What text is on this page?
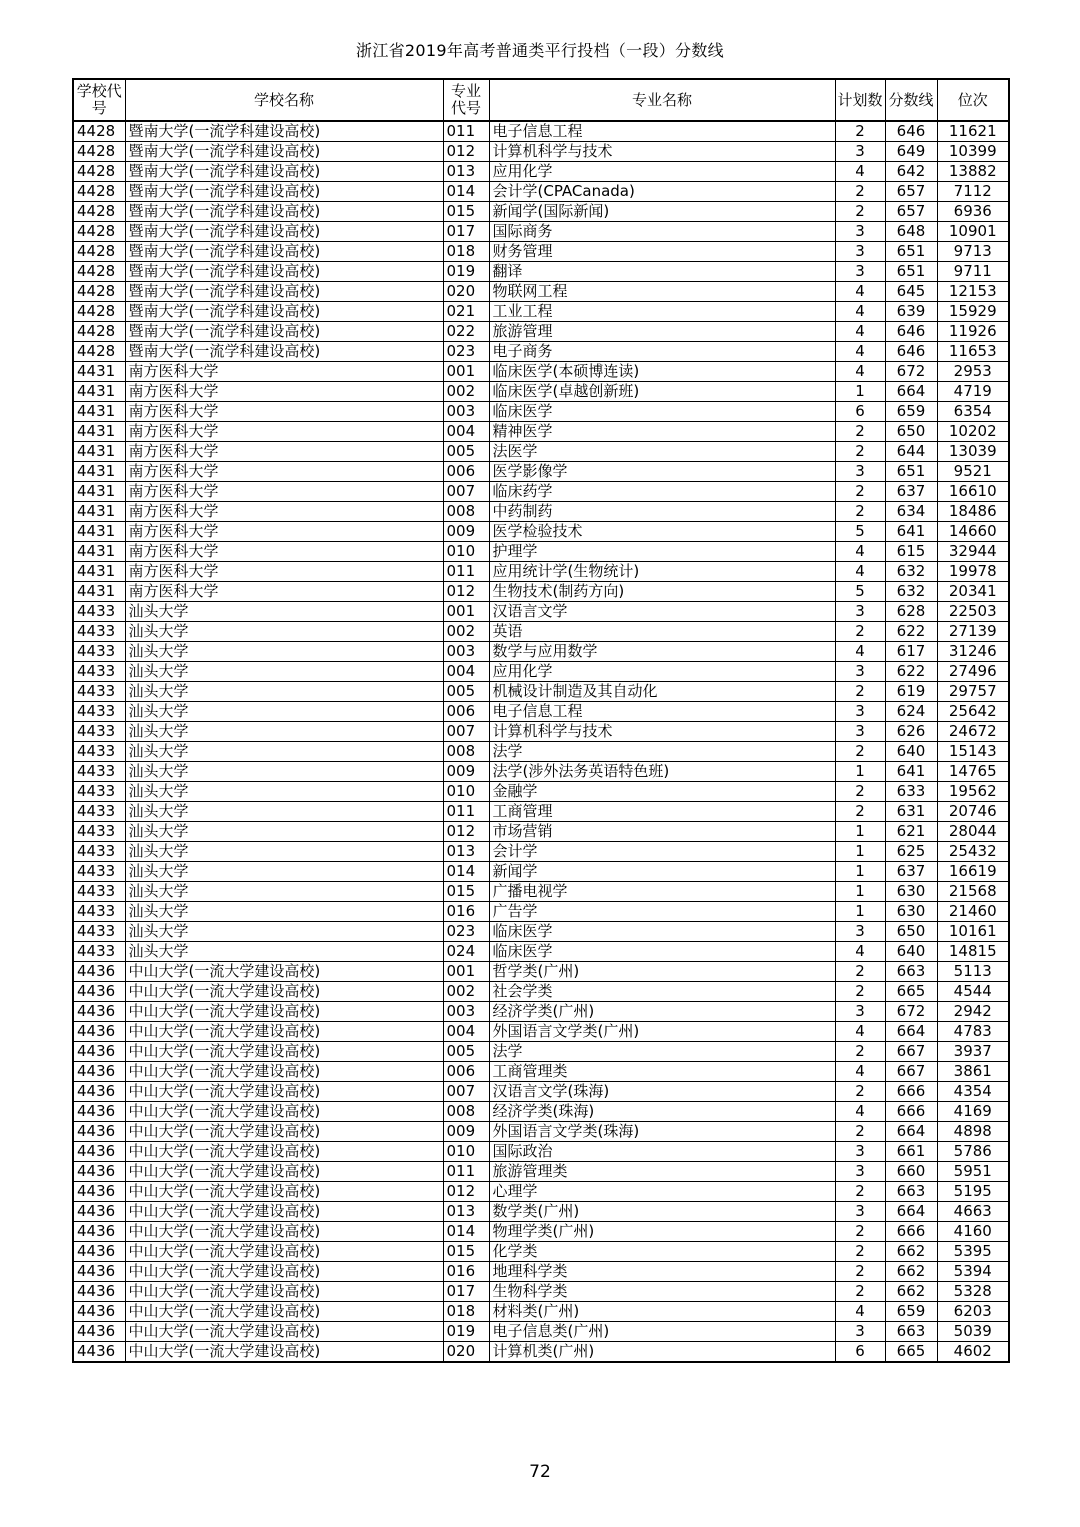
浙江省2019年高考普通类平行投档（一段）分数线
学校代号	学校名称	专业代号	专业名称	计划数	分数线	位次
4428	暨南大学(一流学科建设高校)	011	电子信息工程	2	646	11621
4428	暨南大学(一流学科建设高校)	012	计算机科学与技术	3	649	10399
4428	暨南大学(一流学科建设高校)	013	应用化学	4	642	13882
4428	暨南大学(一流学科建设高校)	014	会计学(CPACanada)	2	657	7112
4428	暨南大学(一流学科建设高校)	015	新闻学(国际新闻)	2	657	6936
4428	暨南大学(一流学科建设高校)	017	国际商务	3	648	10901
4428	暨南大学(一流学科建设高校)	018	财务管理	3	651	9713
4428	暨南大学(一流学科建设高校)	019	翻译	3	651	9711
4428	暨南大学(一流学科建设高校)	020	物联网工程	4	645	12153
4428	暨南大学(一流学科建设高校)	021	工业工程	4	639	15929
4428	暨南大学(一流学科建设高校)	022	旅游管理	4	646	11926
4428	暨南大学(一流学科建设高校)	023	电子商务	4	646	11653
4431	南方医科大学	001	临床医学(本硕博连读)	4	672	2953
4431	南方医科大学	002	临床医学(卓越创新班)	1	664	4719
4431	南方医科大学	003	临床医学	6	659	6354
4431	南方医科大学	004	精神医学	2	650	10202
4431	南方医科大学	005	法医学	2	644	13039
4431	南方医科大学	006	医学影像学	3	651	9521
4431	南方医科大学	007	临床药学	2	637	16610
4431	南方医科大学	008	中药制药	2	634	18486
4431	南方医科大学	009	医学检验技术	5	641	14660
4431	南方医科大学	010	护理学	4	615	32944
4431	南方医科大学	011	应用统计学(生物统计)	4	632	19978
4431	南方医科大学	012	生物技术(制药方向)	5	632	20341
4433	汕头大学	001	汉语言文学	3	628	22503
4433	汕头大学	002	英语	2	622	27139
4433	汕头大学	003	数学与应用数学	4	617	31246
4433	汕头大学	004	应用化学	3	622	27496
4433	汕头大学	005	机械设计制造及其自动化	2	619	29757
4433	汕头大学	006	电子信息工程	3	624	25642
4433	汕头大学	007	计算机科学与技术	3	626	24672
4433	汕头大学	008	法学	2	640	15143
4433	汕头大学	009	法学(涉外法务英语特色班)	1	641	14765
4433	汕头大学	010	金融学	2	633	19562
4433	汕头大学	011	工商管理	2	631	20746
4433	汕头大学	012	市场营销	1	621	28044
4433	汕头大学	013	会计学	1	625	25432
4433	汕头大学	014	新闻学	1	637	16619
4433	汕头大学	015	广播电视学	1	630	21568
4433	汕头大学	016	广告学	1	630	21460
4433	汕头大学	023	临床医学	3	650	10161
4433	汕头大学	024	临床医学	4	640	14815
4436	中山大学(一流大学建设高校)	001	哲学类(广州)	2	663	5113
4436	中山大学(一流大学建设高校)	002	社会学类	2	665	4544
4436	中山大学(一流大学建设高校)	003	经济学类(广州)	3	672	2942
4436	中山大学(一流大学建设高校)	004	外国语言文学类(广州)	4	664	4783
4436	中山大学(一流大学建设高校)	005	法学	2	667	3937
4436	中山大学(一流大学建设高校)	006	工商管理类	4	667	3861
4436	中山大学(一流大学建设高校)	007	汉语言文学(珠海)	2	666	4354
4436	中山大学(一流大学建设高校)	008	经济学类(珠海)	4	666	4169
4436	中山大学(一流大学建设高校)	009	外国语言文学类(珠海)	2	664	4898
4436	中山大学(一流大学建设高校)	010	国际政治	3	661	5786
4436	中山大学(一流大学建设高校)	011	旅游管理类	3	660	5951
4436	中山大学(一流大学建设高校)	012	心理学	2	663	5195
4436	中山大学(一流大学建设高校)	013	数学类(广州)	3	664	4663
4436	中山大学(一流大学建设高校)	014	物理学类(广州)	2	666	4160
4436	中山大学(一流大学建设高校)	015	化学类	2	662	5395
4436	中山大学(一流大学建设高校)	016	地理科学类	2	662	5394
4436	中山大学(一流大学建设高校)	017	生物科学类	2	662	5328
4436	中山大学(一流大学建设高校)	018	材料类(广州)	4	659	6203
4436	中山大学(一流大学建设高校)	019	电子信息类(广州)	3	663	5039
4436	中山大学(一流大学建设高校)	020	计算机类(广州)	6	665	4602
72
